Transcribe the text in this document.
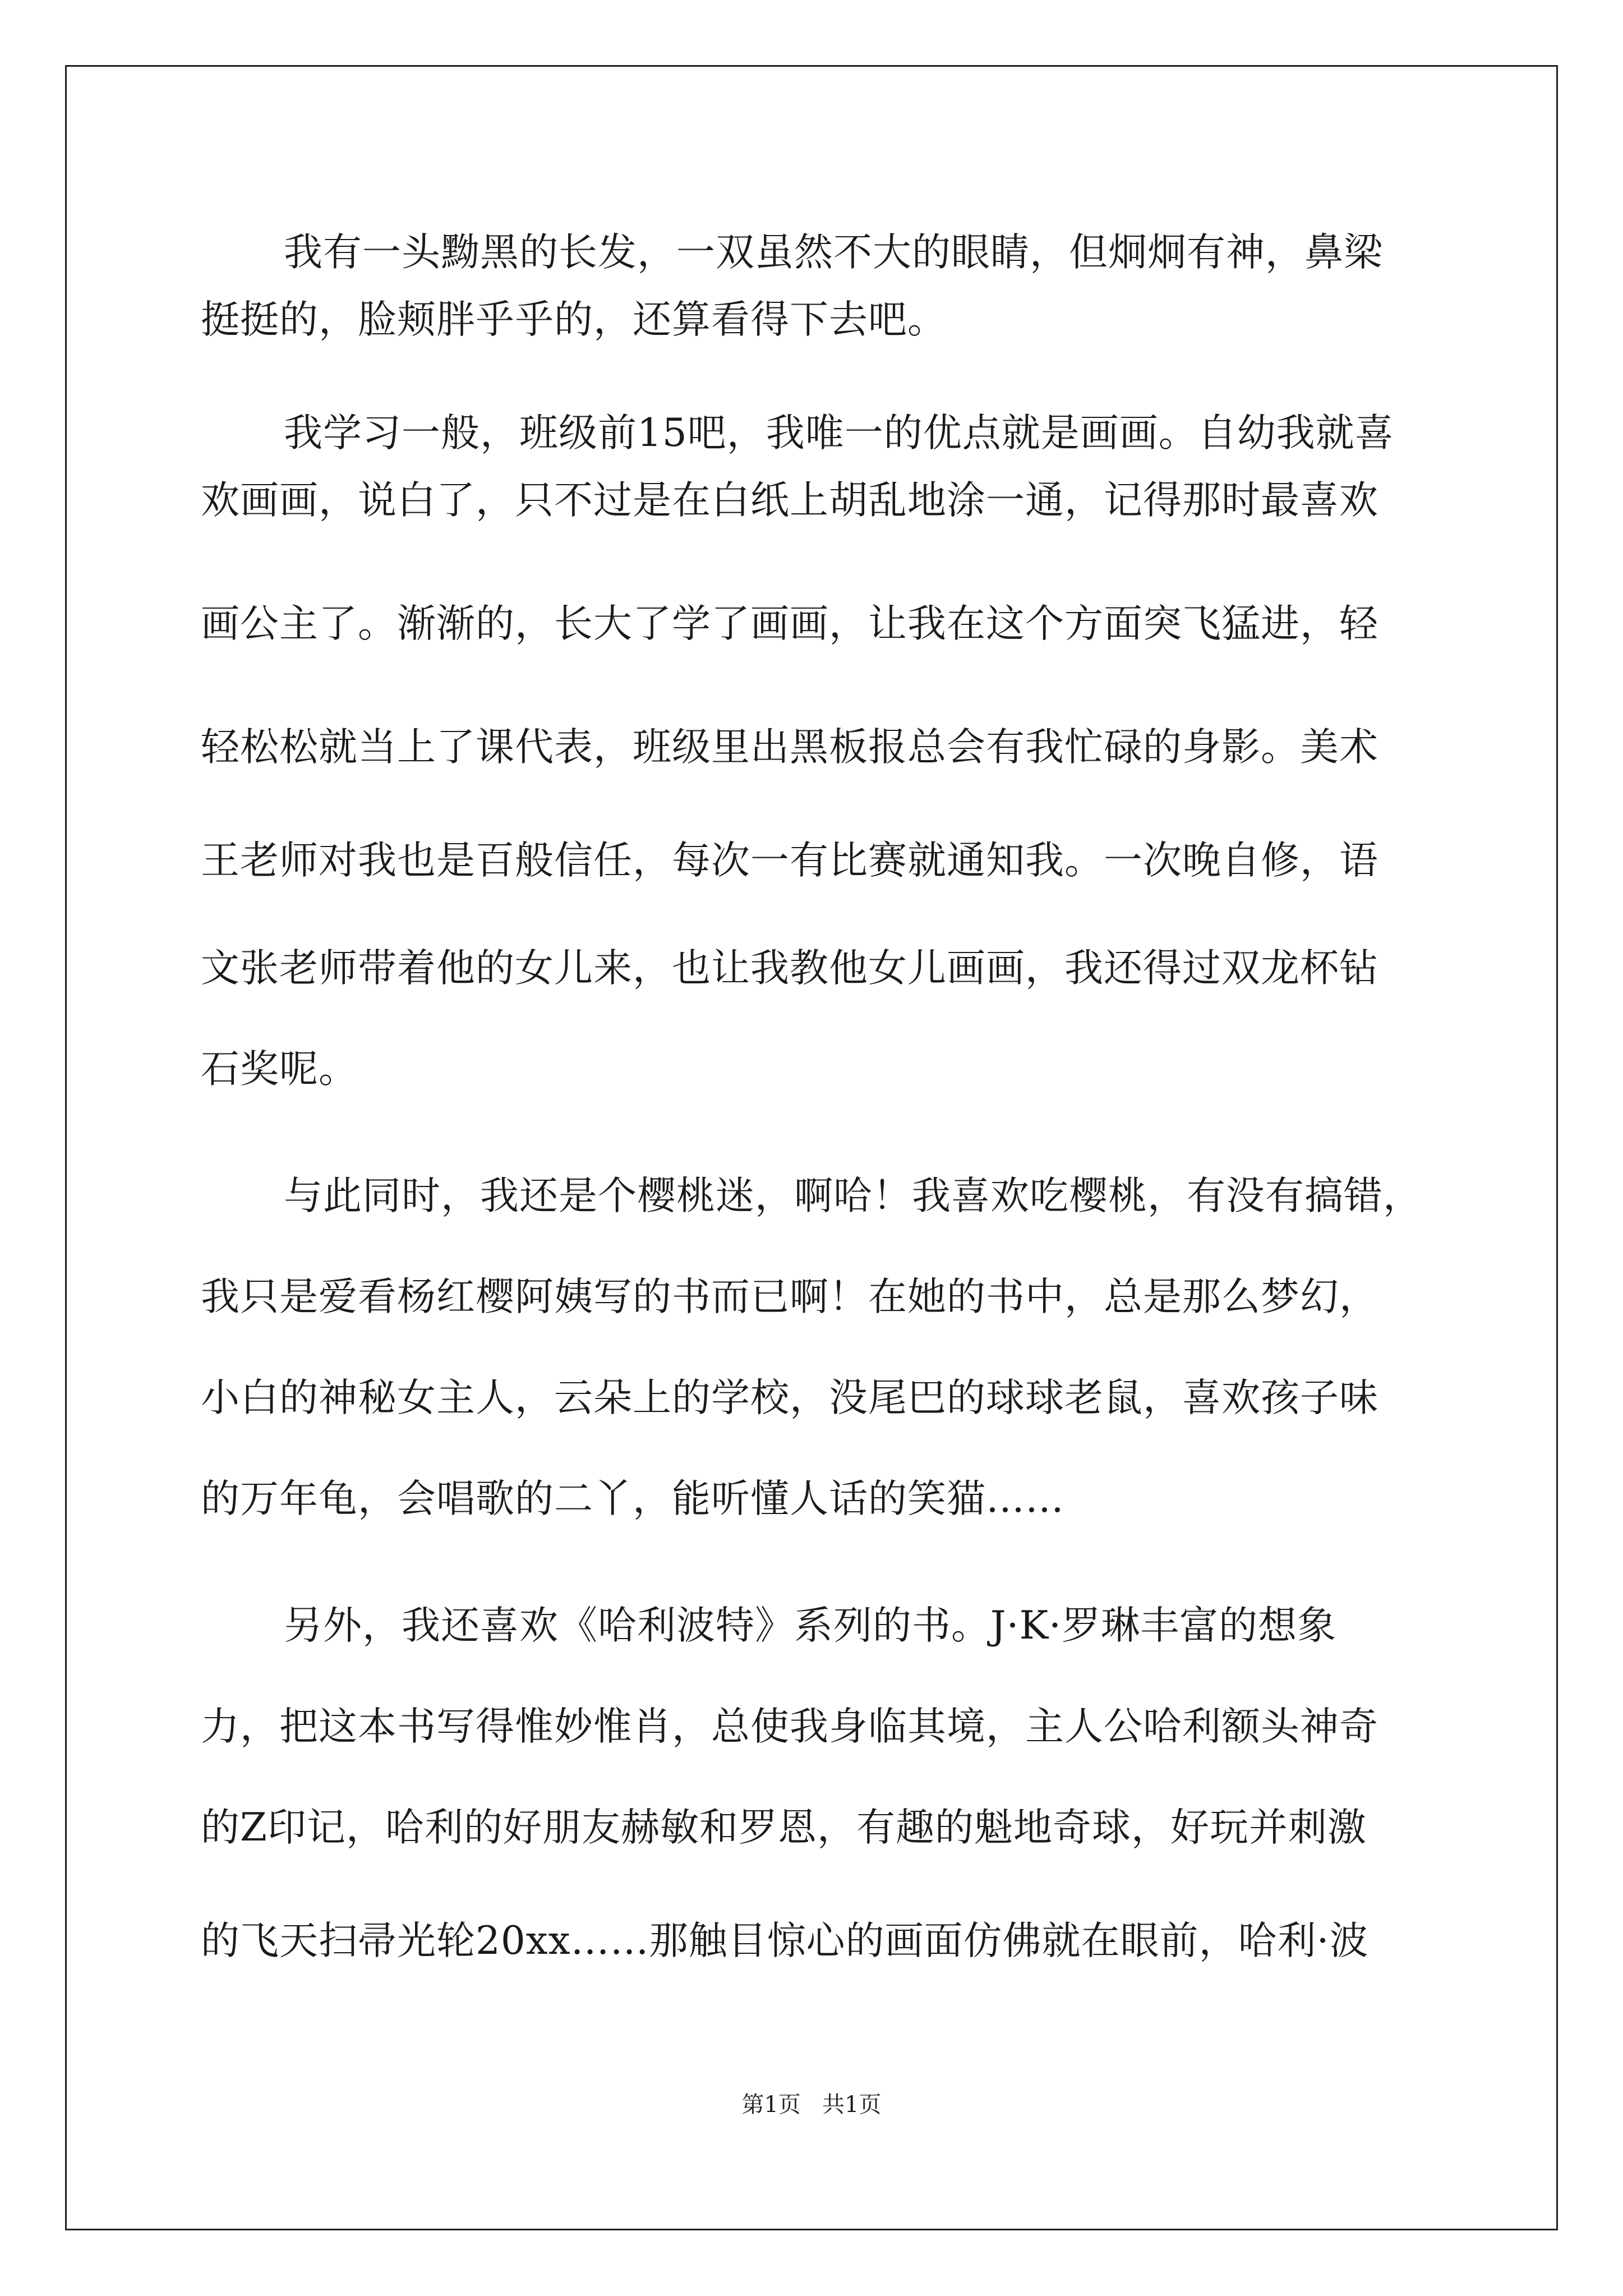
我有一头黝黑的长发，一双虽然不大的眼睛，但炯炯有神，鼻梁
挺挺的，脸颊胖乎乎的，还算看得下去吧。
我学习一般，班级前15吧，我唯一的优点就是画画。自幼我就喜
欢画画，说白了，只不过是在白纸上胡乱地涂一通，记得那时最喜欢
画公主了。渐渐的，长大了学了画画，让我在这个方面突飞猛进，轻
轻松松就当上了课代表，班级里出黑板报总会有我忙碌的身影。美术
王老师对我也是百般信任，每次一有比赛就通知我。一次晚自修，语
文张老师带着他的女儿来，也让我教他女儿画画，我还得过双龙杯钻
石奖呢。
与此同时，我还是个樱桃迷，啊哈！我喜欢吃樱桃，有没有搞错，
我只是爱看杨红樱阿姨写的书而已啊！在她的书中，总是那么梦幻，
小白的神秘女主人，云朵上的学校，没尾巴的球球老鼠，喜欢孩子味
的万年龟，会唱歌的二丫，能听懂人话的笑猫……
另外，我还喜欢《哈利波特》系列的书。J·K·罗琳丰富的想象
力，把这本书写得惟妙惟肖，总使我身临其境，主人公哈利额头神奇
的Z印记，哈利的好朋友赫敏和罗恩，有趣的魁地奇球，好玩并刺激
的飞天扫帚光轮20xx……那触目惊心的画面仿佛就在眼前，哈利·波
第1页   共1页
